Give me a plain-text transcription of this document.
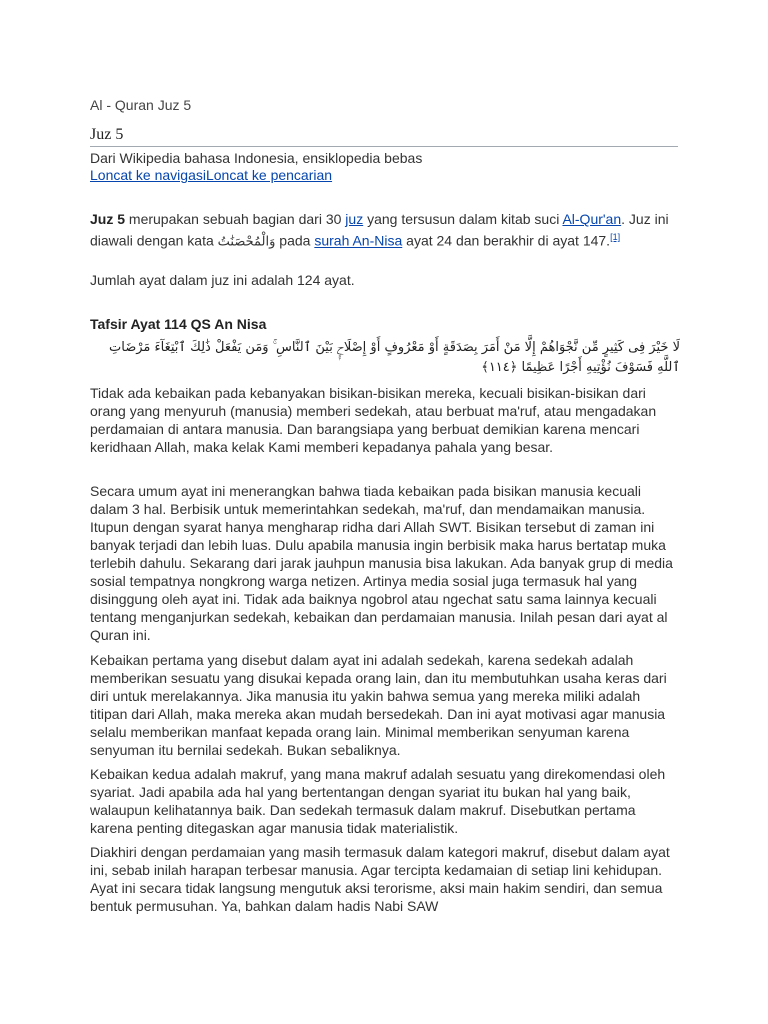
Al - Quran Juz 5
Juz 5
Dari Wikipedia bahasa Indonesia, ensiklopedia bebas
Loncat ke navigasiLoncat ke pencarian
Juz 5 merupakan sebuah bagian dari 30 juz yang tersusun dalam kitab suci Al-Qur'an. Juz ini diawali dengan kata وَالْمُحْصَنَٰتُ pada surah An-Nisa ayat 24 dan berakhir di ayat 147.[1]
Jumlah ayat dalam juz ini adalah 124 ayat.
Tafsir Ayat 114 QS An Nisa
لَا خَيْرَ فِى كَثِيرٍ مِّن نَّجْوَاهُمْ إِلَّا مَنْ أَمَرَ بِصَدَقَةٍ أَوْ مَعْرُوفٍ أَوْ إِصْلَاحٍۭ بَيْنَ ٱلنَّاسِ ۚ وَمَن يَفْعَلْ ذَٰلِكَ ٱبْتِغَآءَ مَرْضَاتِ ٱللَّهِ فَسَوْفَ نُؤْتِيهِ أَجْرًا عَظِيمًا ﴿١١٤﴾
Tidak ada kebaikan pada kebanyakan bisikan-bisikan mereka, kecuali bisikan-bisikan dari orang yang menyuruh (manusia) memberi sedekah, atau berbuat ma'ruf, atau mengadakan perdamaian di antara manusia. Dan barangsiapa yang berbuat demikian karena mencari keridhaan Allah, maka kelak Kami memberi kepadanya pahala yang besar.
Secara umum ayat ini menerangkan bahwa tiada kebaikan pada bisikan manusia kecuali dalam 3 hal. Berbisik untuk memerintahkan sedekah, ma'ruf, dan mendamaikan manusia. Itupun dengan syarat hanya mengharap ridha dari Allah SWT. Bisikan tersebut di zaman ini banyak terjadi dan lebih luas. Dulu apabila manusia ingin berbisik maka harus bertatap muka terlebih dahulu. Sekarang dari jarak jauhpun manusia bisa lakukan. Ada banyak grup di media sosial tempatnya nongkrong warga netizen. Artinya media sosial juga termasuk hal yang disinggung oleh ayat ini. Tidak ada baiknya ngobrol atau ngechat satu sama lainnya kecuali tentang menganjurkan sedekah, kebaikan dan perdamaian manusia. Inilah pesan dari ayat al Quran ini.
Kebaikan pertama yang disebut dalam ayat ini adalah sedekah, karena sedekah adalah memberikan sesuatu yang disukai kepada orang lain, dan itu membutuhkan usaha keras dari diri untuk merelakannya. Jika manusia itu yakin bahwa semua yang mereka miliki adalah titipan dari Allah, maka mereka akan mudah bersedekah. Dan ini ayat motivasi agar manusia selalu memberikan manfaat kepada orang lain. Minimal memberikan senyuman karena senyuman itu bernilai sedekah. Bukan sebaliknya.
Kebaikan kedua adalah makruf, yang mana makruf adalah sesuatu yang direkomendasi oleh syariat. Jadi apabila ada hal yang bertentangan dengan syariat itu bukan hal yang baik, walaupun kelihatannya baik. Dan sedekah termasuk dalam makruf. Disebutkan pertama karena penting ditegaskan agar manusia tidak materialistik.
Diakhiri dengan perdamaian yang masih termasuk dalam kategori makruf, disebut dalam ayat ini, sebab inilah harapan terbesar manusia. Agar tercipta kedamaian di setiap lini kehidupan. Ayat ini secara tidak langsung mengutuk aksi terorisme, aksi main hakim sendiri, dan semua bentuk permusuhan. Ya, bahkan dalam hadis Nabi SAW
